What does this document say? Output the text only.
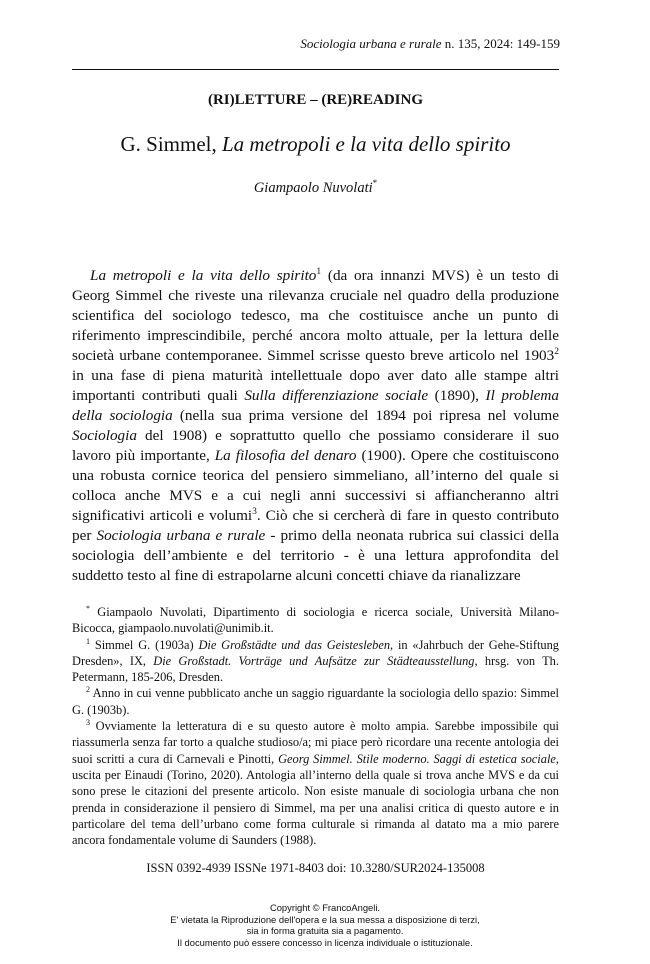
Sociologia urbana e rurale n. 135, 2024: 149-159
(RI)LETTURE – (RE)READING
G. Simmel, La metropoli e la vita dello spirito
Giampaolo Nuvolati*

La metropoli e la vita dello spirito$^1$ (da ora innanzi MVS) è un testo di Georg Simmel che riveste una rilevanza cruciale nel quadro della produzione scientifica del sociologo tedesco, ma che costituisce anche un punto di riferimento imprescindibile, perché ancora molto attuale, per la lettura delle società urbane contemporanee. Simmel scrisse questo breve articolo nel 1903$^2$ in una fase di piena maturità intellettuale dopo aver dato alle stampe altri importanti contributi quali Sulla differenziazione sociale (1890), Il problema della sociologia (nella sua prima versione del 1894 poi ripresa nel volume Sociologia del 1908) e soprattutto quello che possiamo considerare il suo lavoro più importante, La filosofia del denaro (1900). Opere che costituiscono una robusta cornice teorica del pensiero simmeliano, all’interno del quale si colloca anche MVS e a cui negli anni successivi si affiancheranno altri significativi articoli e volumi$^3$. Ciò che si cercherà di fare in questo contributo per Sociologia urbana e rurale - primo della neonata rubrica sui classici della sociologia dell’ambiente e del territorio - è una lettura approfondita del suddetto testo al fine di estrapolarne alcuni concetti chiave da rianalizzare

* Giampaolo Nuvolati, Dipartimento di sociologia e ricerca sociale, Università Milano-Bicocca, giampaolo.nuvolati@unimib.it.

$^1$ Simmel G. (1903a) Die Großstädte und das Geistesleben, in «Jahrbuch der Gehe-Stiftung Dresden», IX, Die Großstadt. Vorträge und Aufsätze zur Städteausstellung, hrsg. von Th. Petermann, 185-206, Dresden.

$^2$ Anno in cui venne pubblicato anche un saggio riguardante la sociologia dello spazio: Simmel G. (1903b).

$^3$ Ovviamente la letteratura di e su questo autore è molto ampia. Sarebbe impossibile qui riassumerla senza far torto a qualche studioso/a; mi piace però ricordare una recente antologia dei suoi scritti a cura di Carnevali e Pinotti, Georg Simmel. Stile moderno. Saggi di estetica sociale, uscita per Einaudi (Torino, 2020). Antologia all’interno della quale si trova anche MVS e da cui sono prese le citazioni del presente articolo. Non esiste manuale di sociologia urbana che non prenda in considerazione il pensiero di Simmel, ma per una analisi critica di questo autore e in particolare del tema dell’urbano come forma culturale si rimanda al datato ma a mio parere ancora fondamentale volume di Saunders (1988).

ISSN 0392-4939 ISSNe 1971-8403 doi: 10.3280/SUR2024-135008
Copyright © FrancoAngeli.
E' vietata la Riproduzione dell'opera e la sua messa a disposizione di terzi,
sia in forma gratuita sia a pagamento.
Il documento può essere concesso in licenza individuale o istituzionale.
